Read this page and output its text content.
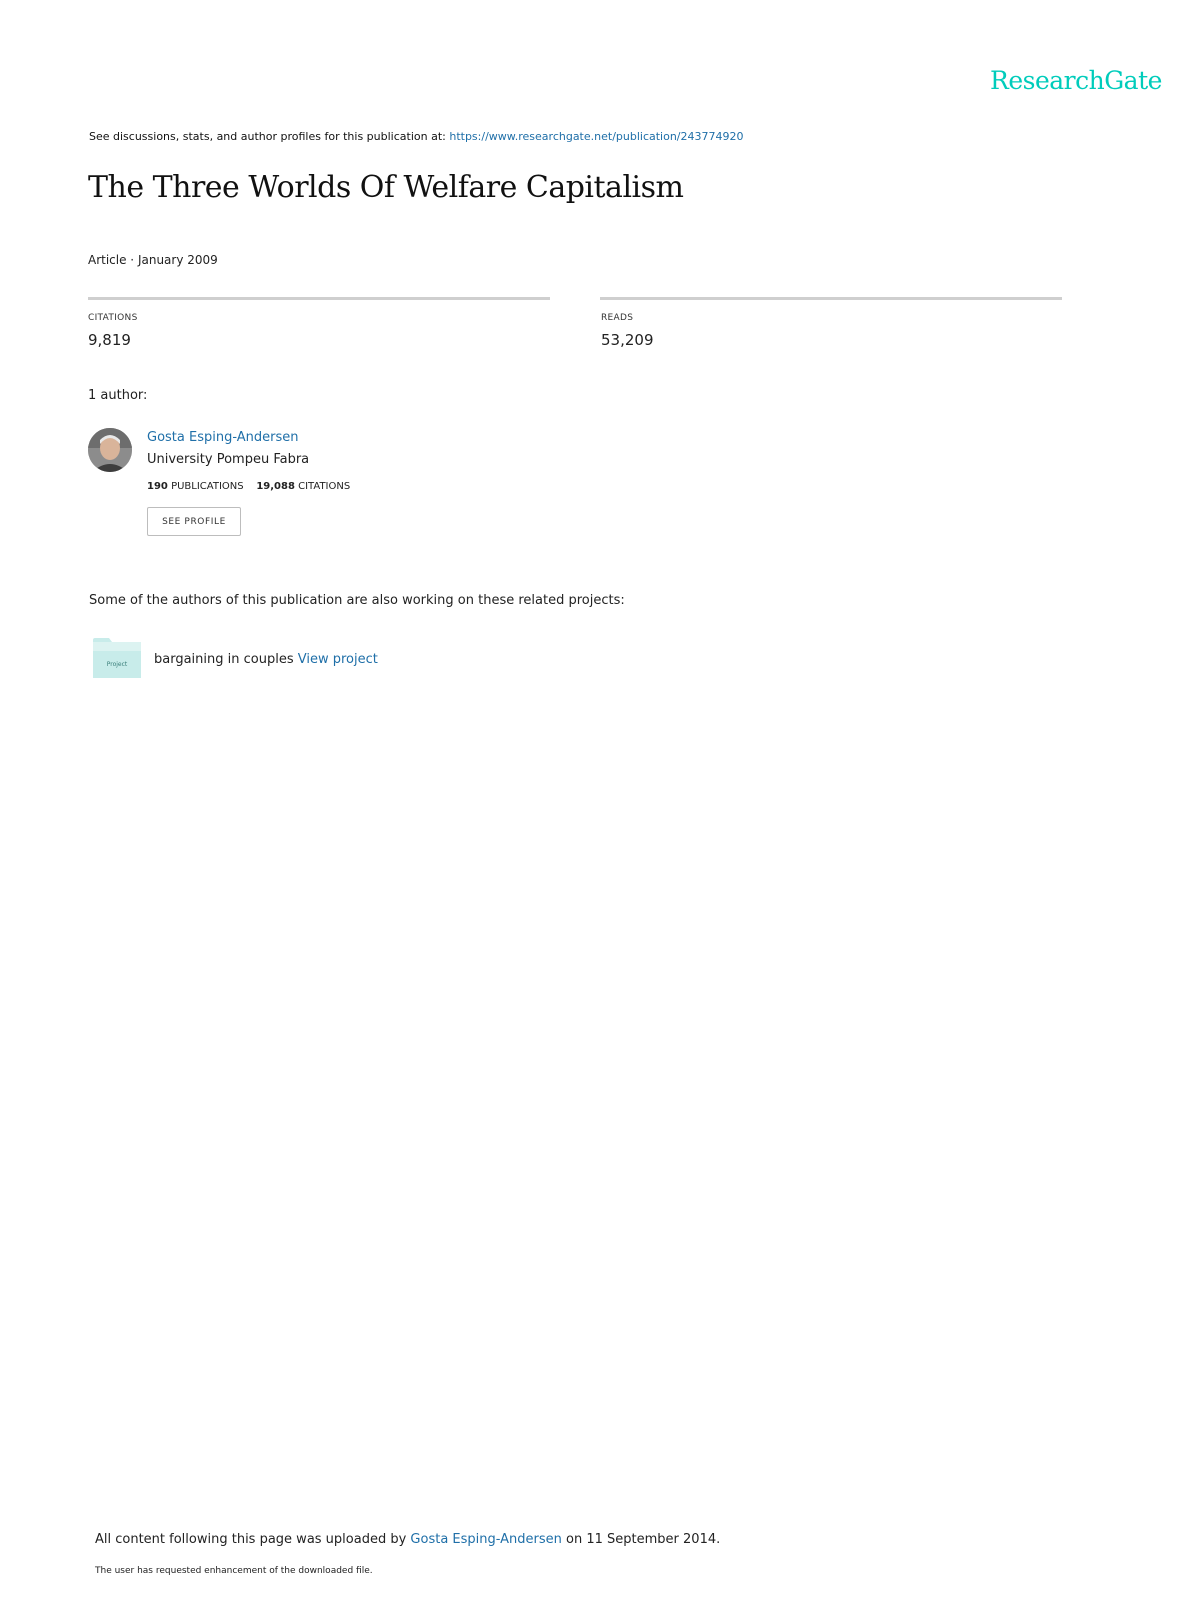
ResearchGate
See discussions, stats, and author profiles for this publication at: https://www.researchgate.net/publication/243774920
The Three Worlds Of Welfare Capitalism
Article · January 2009
CITATIONS
9,819
READS
53,209
1 author:
Gosta Esping-Andersen
University Pompeu Fabra
190 PUBLICATIONS 19,088 CITATIONS
SEE PROFILE
Some of the authors of this publication are also working on these related projects:
Project bargaining in couples View project
All content following this page was uploaded by Gosta Esping-Andersen on 11 September 2014.
The user has requested enhancement of the downloaded file.
